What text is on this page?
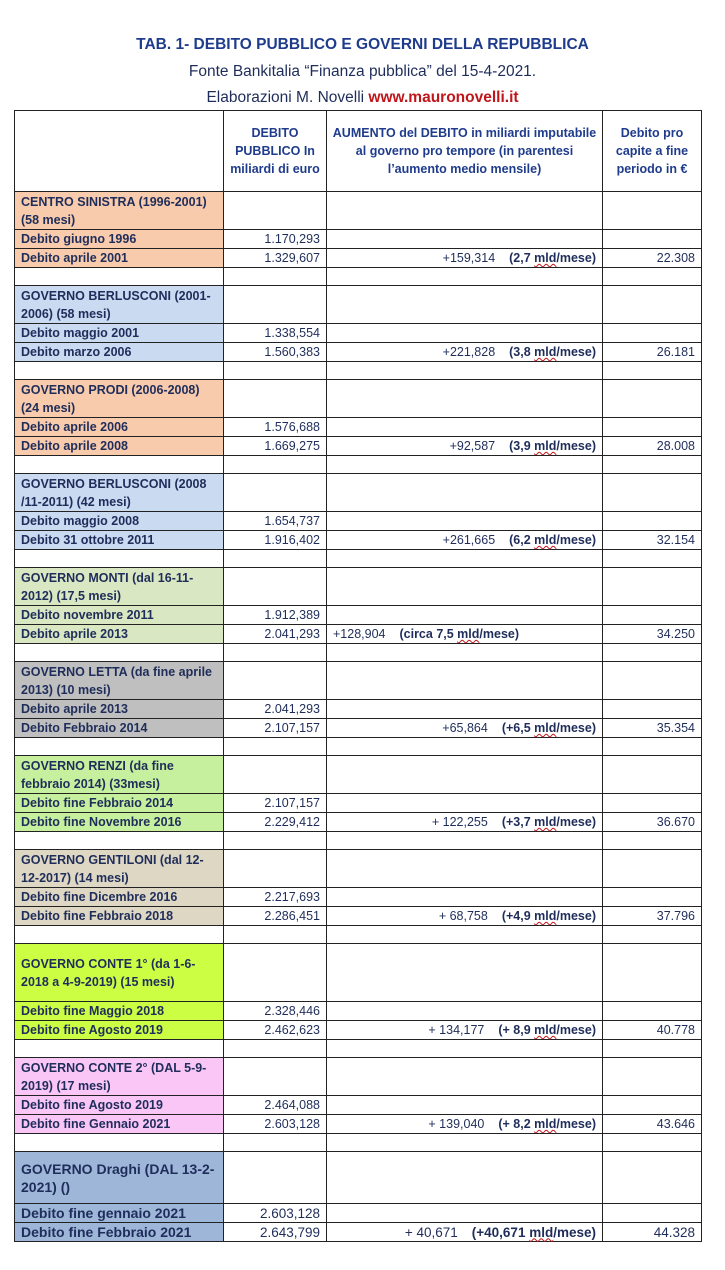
TAB. 1- DEBITO PUBBLICO E GOVERNI DELLA REPUBBLICA
Fonte Bankitalia “Finanza pubblica” del 15-4-2021.
Elaborazioni M. Novelli www.mauronovelli.it
	DEBITO PUBBLICO In miliardi di euro	AUMENTO del DEBITO in miliardi imputabile al governo pro tempore (in parentesi l’aumento medio mensile)	Debito pro capite a fine periodo in €
CENTRO SINISTRA (1996-2001) (58 mesi)			
Debito giugno 1996	1.170,293		
Debito aprile 2001	1.329,607	+159,314 (2,7 mld/mese)	22.308

GOVERNO BERLUSCONI (2001-2006) (58 mesi)			
Debito maggio 2001	1.338,554		
Debito marzo 2006	1.560,383	+221,828 (3,8 mld/mese)	26.181

GOVERNO PRODI (2006-2008) (24 mesi)			
Debito aprile 2006	1.576,688		
Debito aprile 2008	1.669,275	+92,587 (3,9 mld/mese)	28.008

GOVERNO BERLUSCONI (2008 /11-2011) (42 mesi)			
Debito maggio 2008	1.654,737		
Debito 31 ottobre 2011	1.916,402	+261,665 (6,2 mld/mese)	32.154

GOVERNO MONTI (dal 16-11-2012) (17,5 mesi)			
Debito novembre 2011	1.912,389		
Debito aprile 2013	2.041,293	+128,904 (circa 7,5 mld/mese)	34.250

GOVERNO LETTA (da fine aprile 2013) (10 mesi)			
Debito aprile 2013	2.041,293		
Debito Febbraio 2014	2.107,157	+65,864 (+6,5 mld/mese)	35.354

GOVERNO RENZI (da fine febbraio 2014) (33mesi)			
Debito fine Febbraio 2014	2.107,157		
Debito fine Novembre 2016	2.229,412	+ 122,255 (+3,7 mld/mese)	36.670

GOVERNO GENTILONI (dal 12-12-2017) (14 mesi)			
Debito fine Dicembre 2016	2.217,693		
Debito fine Febbraio 2018	2.286,451	+ 68,758 (+4,9 mld/mese)	37.796

GOVERNO CONTE 1° (da 1-6-2018 a 4-9-2019) (15 mesi)			
Debito fine Maggio 2018	2.328,446		
Debito fine Agosto 2019	2.462,623	+ 134,177 (+ 8,9 mld/mese)	40.778

GOVERNO CONTE 2° (DAL 5-9-2019) (17 mesi)			
Debito fine Agosto 2019	2.464,088		
Debito fine Gennaio 2021	2.603,128	+ 139,040 (+ 8,2 mld/mese)	43.646

GOVERNO Draghi (DAL 13-2-2021) ()			
Debito fine gennaio 2021	2.603,128		
Debito fine Febbraio 2021	2.643,799	+ 40,671 (+40,671 mld/mese)	44.328
